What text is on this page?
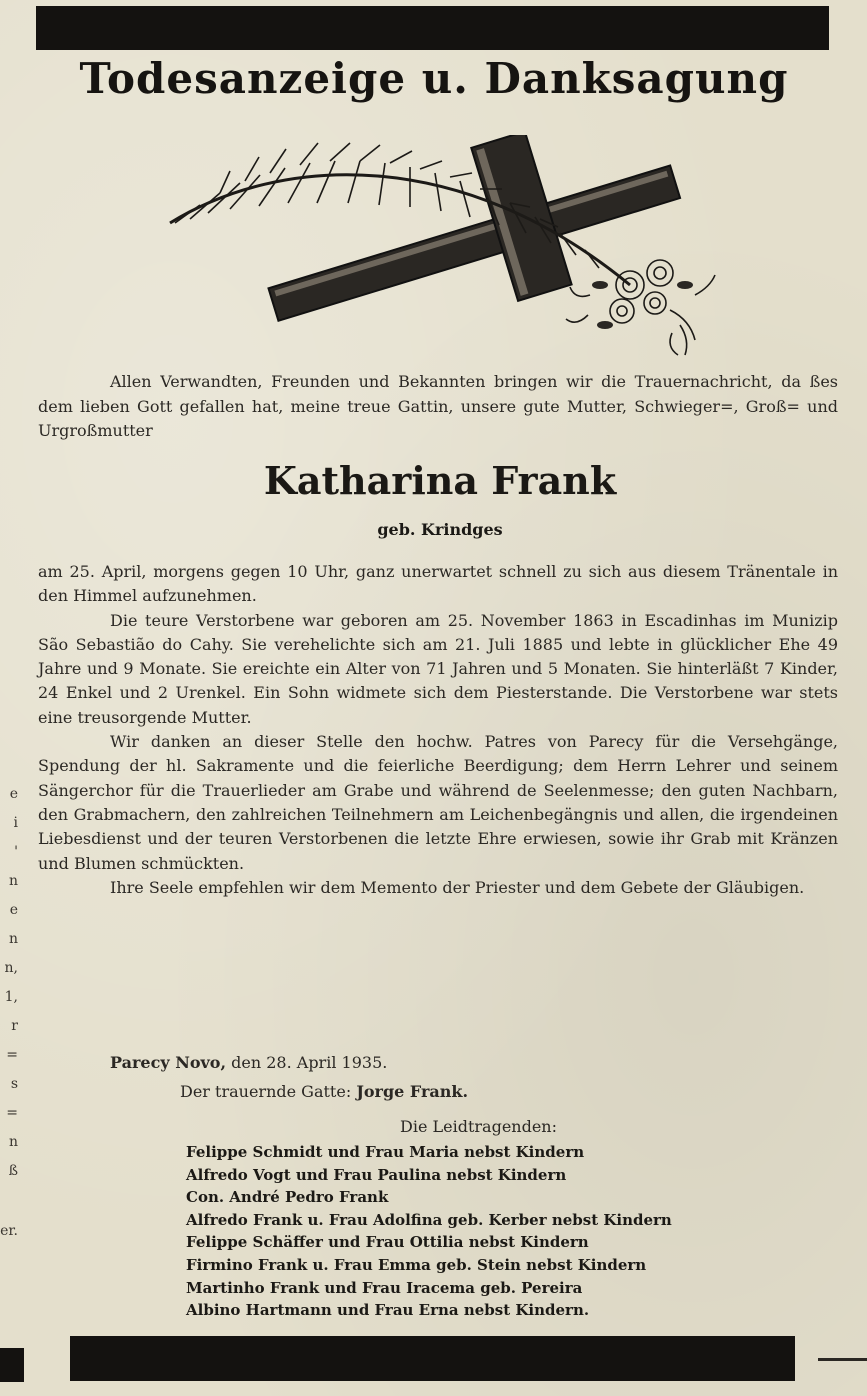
Todesanzeige u. Danksagung

Allen Verwandten, Freunden und Bekannten bringen wir die Trauernachricht, da ßes dem lieben Gott gefallen hat, meine treue Gattin, unsere gute Mutter, Schwieger=, Groß= und Urgroßmutter

Katharina Frank
geb. Krindges

am 25. April, morgens gegen 10 Uhr, ganz unerwartet schnell zu sich aus diesem Tränentale in den Himmel aufzunehmen.

Die teure Verstorbene war geboren am 25. November 1863 in Escadinhas im Munizip São Sebastião do Cahy. Sie verehelichte sich am 21. Juli 1885 und lebte in glücklicher Ehe 49 Jahre und 9 Monate. Sie ereichte ein Alter von 71 Jahren und 5 Monaten. Sie hinterläßt 7 Kinder, 24 Enkel und 2 Urenkel. Ein Sohn widmete sich dem Piesterstande. Die Verstorbene war stets eine treusorgende Mutter.

Wir danken an dieser Stelle den hochw. Patres von Parecy für die Versehgänge, Spendung der hl. Sakramente und die feierliche Beerdigung; dem Herrn Lehrer und seinem Sängerchor für die Trauerlieder am Grabe und während de Seelenmesse; den guten Nachbarn, den Grabmachern, den zahlreichen Teilnehmern am Leichenbegängnis und allen, die irgendeinen Liebesdienst und der teuren Verstorbenen die letzte Ehre erwiesen, sowie ihr Grab mit Kränzen und Blumen schmückten.

Ihre Seele empfehlen wir dem Memento der Priester und dem Gebete der Gläubigen.

Parecy Novo, den 28. April 1935.
Der trauernde Gatte: Jorge Frank.
Die Leidtragenden:
Felippe Schmidt und Frau Maria nebst Kindern
Alfredo Vogt und Frau Paulina nebst Kindern
Con. André Pedro Frank
Alfredo Frank u. Frau Adolfina geb. Kerber nebst Kindern
Felippe Schäffer und Frau Ottilia nebst Kindern
Firmino Frank u. Frau Emma geb. Stein nebst Kindern
Martinho Frank und Frau Iracema geb. Pereira
Albino Hartmann und Frau Erna nebst Kindern.
e
i
'
n
e
n
n,
1,
r
=
s
=
n
ß
er.
